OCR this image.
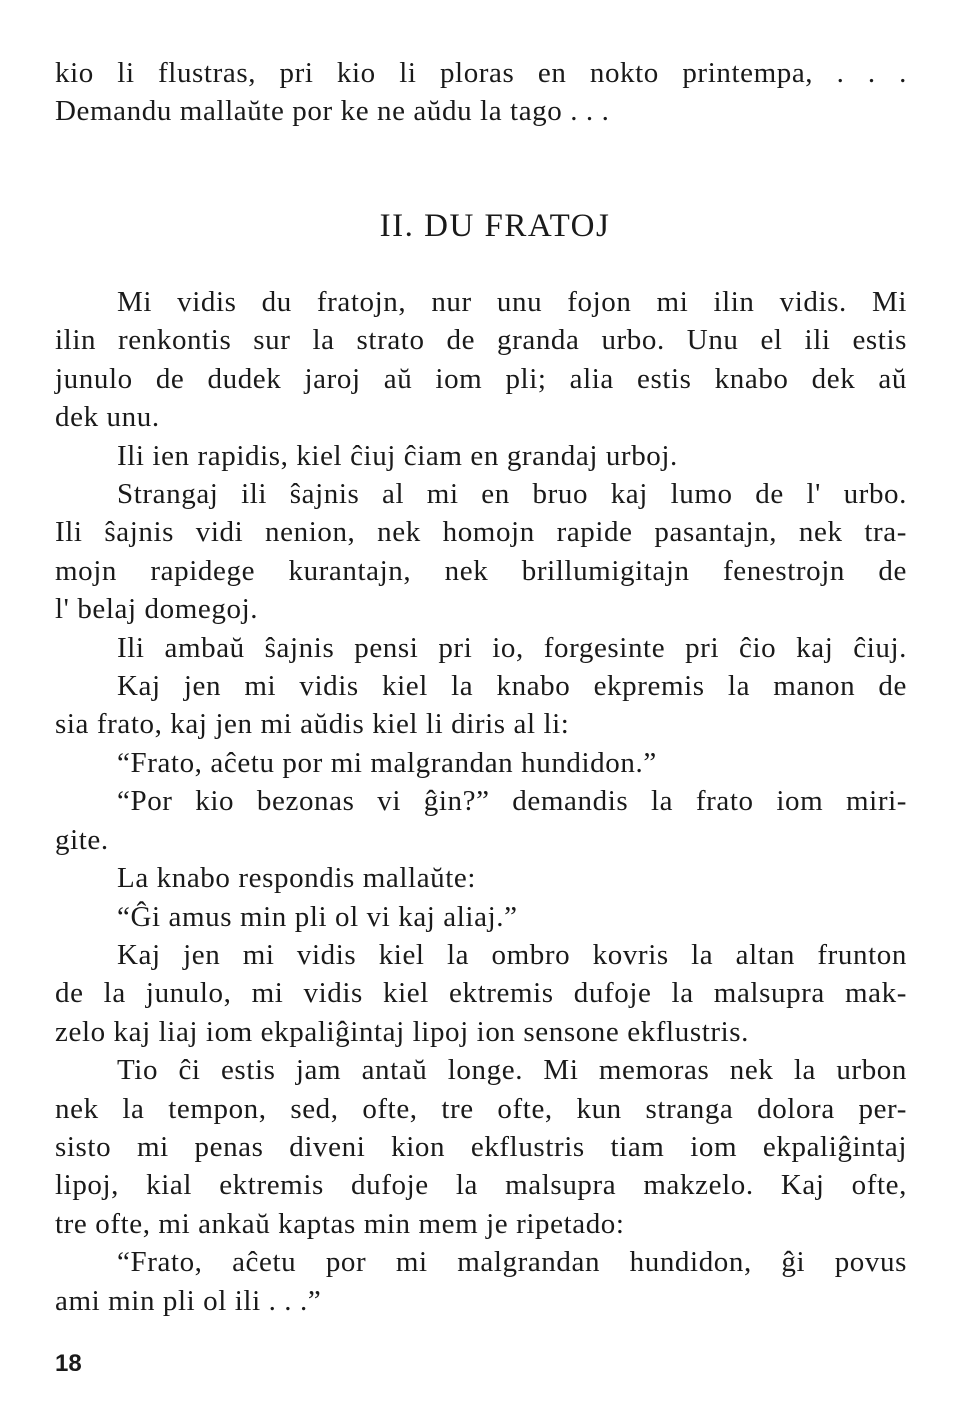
kio li flustras, pri kio li ploras en nokto printempa, . . .

Demandu mallaŭte por ke ne aŭdu la tago . . .

II. DU FRATOJ

Mi vidis du fratojn, nur unu fojon mi ilin vidis. Mi

ilin renkontis sur la strato de granda urbo. Unu el ili estis

junulo de dudek jaroj aŭ iom pli; alia estis knabo dek aŭ

dek unu.

Ili ien rapidis, kiel ĉiuj ĉiam en grandaj urboj.

Strangaj ili ŝajnis al mi en bruo kaj lumo de l' urbo.

Ili ŝajnis vidi nenion, nek homojn rapide pasantajn, nek tra-

mojn rapidege kurantajn, nek brillumigitajn fenestrojn de

l' belaj domegoj.

Ili ambaŭ ŝajnis pensi pri io, forgesinte pri ĉio kaj ĉiuj.

Kaj jen mi vidis kiel la knabo ekpremis la manon de

sia frato, kaj jen mi aŭdis kiel li diris al li:

“Frato, aĉetu por mi malgrandan hundidon.”

“Por kio bezonas vi ĝin?” demandis la frato iom miri-

gite.

La knabo respondis mallaŭte:

“Ĝi amus min pli ol vi kaj aliaj.”

Kaj jen mi vidis kiel la ombro kovris la altan frunton

de la junulo, mi vidis kiel ektremis dufoje la malsupra mak-

zelo kaj liaj iom ekpaliĝintaj lipoj ion sensone ekflustris.

Tio ĉi estis jam antaŭ longe. Mi memoras nek la urbon

nek la tempon, sed, ofte, tre ofte, kun stranga dolora per-

sisto mi penas diveni kion ekflustris tiam iom ekpaliĝintaj

lipoj, kial ektremis dufoje la malsupra makzelo. Kaj ofte,

tre ofte, mi ankaŭ kaptas min mem je ripetado:

“Frato, aĉetu por mi malgrandan hundidon, ĝi povus

ami min pli ol ili . . .”

18
